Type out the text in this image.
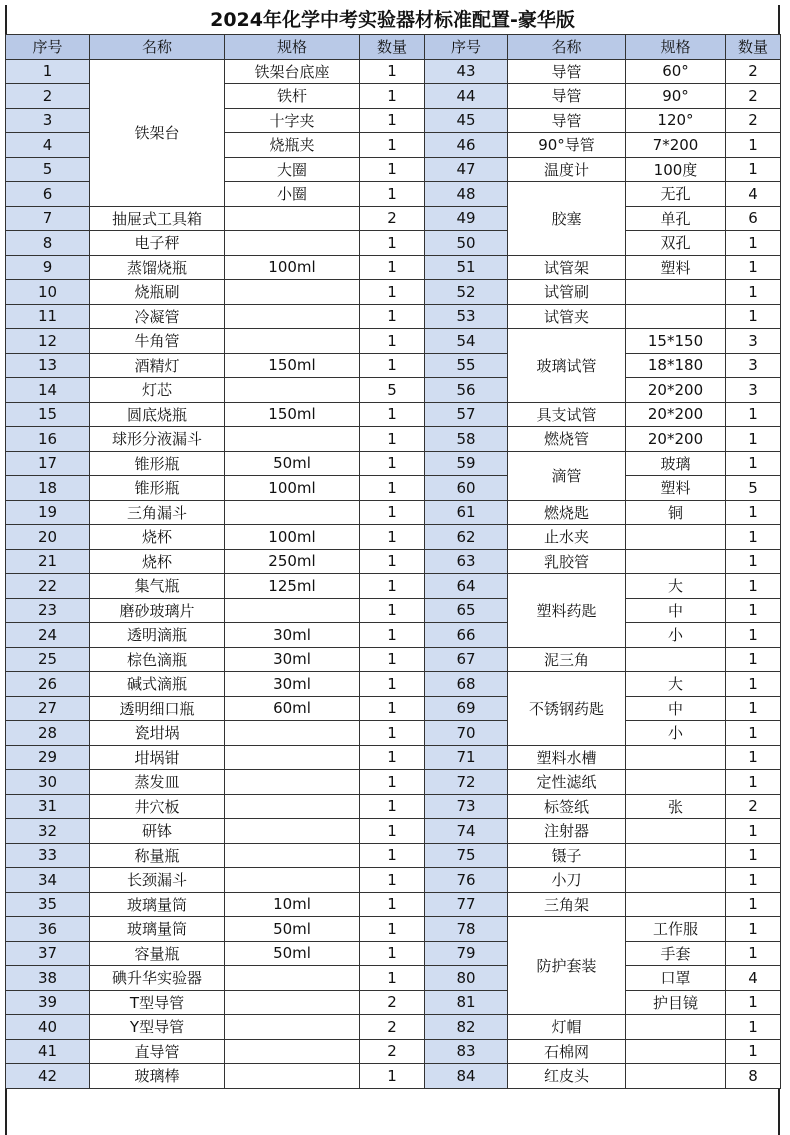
2024年化学中考实验器材标准配置-豪华版
序号	名称	规格	数量	序号	名称	规格	数量
1	铁架台	铁架台底座	1	43	导管	60°	2
2		铁杆	1	44	导管	90°	2
3		十字夹	1	45	导管	120°	2
4		烧瓶夹	1	46	90°导管	7*200	1
5		大圈	1	47	温度计	100度	1
6		小圈	1	48	胶塞	无孔	4
7	抽屉式工具箱		2	49		单孔	6
8	电子秤		1	50		双孔	1
9	蒸馏烧瓶	100ml	1	51	试管架	塑料	1
10	烧瓶刷		1	52	试管刷		1
11	冷凝管		1	53	试管夹		1
12	牛角管		1	54	玻璃试管	15*150	3
13	酒精灯	150ml	1	55		18*180	3
14	灯芯		5	56		20*200	3
15	圆底烧瓶	150ml	1	57	具支试管	20*200	1
16	球形分液漏斗		1	58	燃烧管	20*200	1
17	锥形瓶	50ml	1	59	滴管	玻璃	1
18	锥形瓶	100ml	1	60		塑料	5
19	三角漏斗		1	61	燃烧匙	铜	1
20	烧杯	100ml	1	62	止水夹		1
21	烧杯	250ml	1	63	乳胶管		1
22	集气瓶	125ml	1	64	塑料药匙	大	1
23	磨砂玻璃片		1	65		中	1
24	透明滴瓶	30ml	1	66		小	1
25	棕色滴瓶	30ml	1	67	泥三角		1
26	碱式滴瓶	30ml	1	68	不锈钢药匙	大	1
27	透明细口瓶	60ml	1	69		中	1
28	瓷坩埚		1	70		小	1
29	坩埚钳		1	71	塑料水槽		1
30	蒸发皿		1	72	定性滤纸		1
31	井穴板		1	73	标签纸	张	2
32	研钵		1	74	注射器		1
33	称量瓶		1	75	镊子		1
34	长颈漏斗		1	76	小刀		1
35	玻璃量筒	10ml	1	77	三角架		1
36	玻璃量筒	50ml	1	78	防护套装	工作服	1
37	容量瓶	50ml	1	79		手套	1
38	碘升华实验器		1	80		口罩	4
39	T型导管		2	81		护目镜	1
40	Y型导管		2	82	灯帽		1
41	直导管		2	83	石棉网		1
42	玻璃棒		1	84	红皮头		8
